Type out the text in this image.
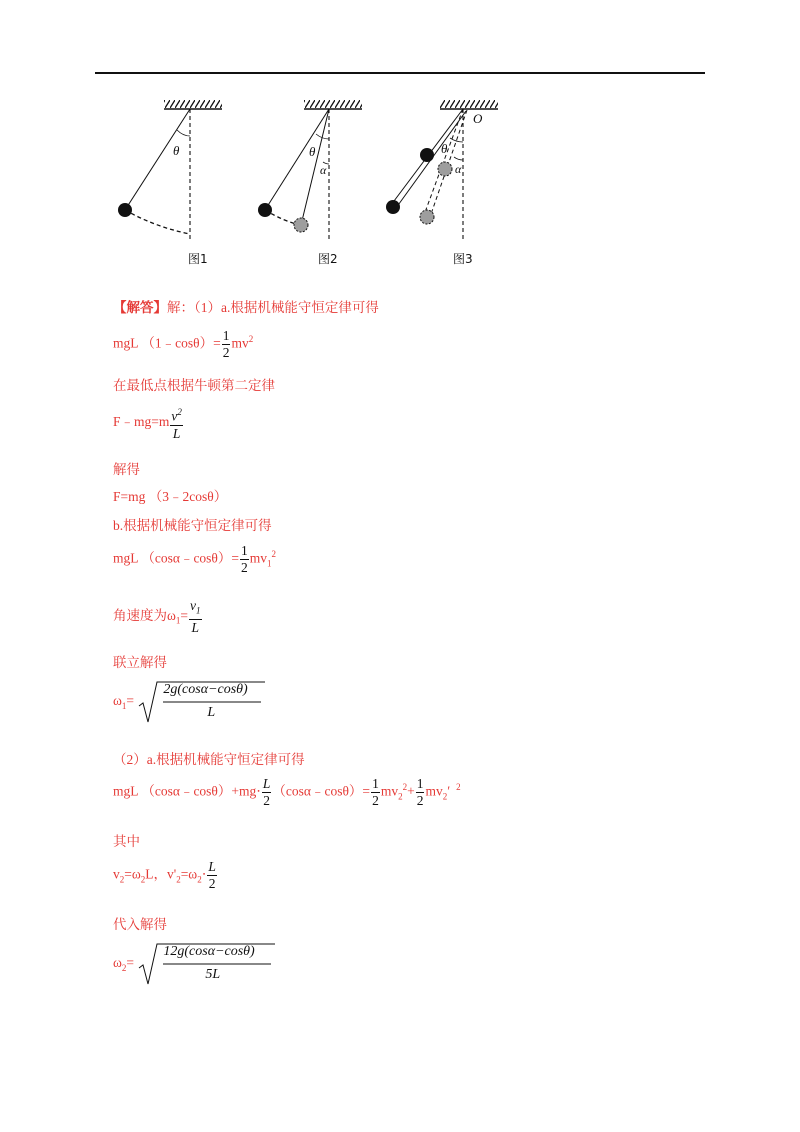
θ
图1
θ
α
图2
O
θ
α
图3
【解答】解：（1）a.根据机械能守恒定律可得
mgL （1﹣cosθ）= $\frac{1}{2} mv^2$
在最低点根据牛顿第二定律
F﹣mg=m $\frac{v^2}{L}$
解得
F=mg （3﹣2cosθ）
b.根据机械能守恒定律可得
mgL （cosα﹣cosθ）= $\frac{1}{2} mv_1^2$
角速度为$\omega_1= \frac{v_1}{L}$
联立解得
$\omega_1=$
2g(cosα−cosθ)
L
（2）a.根据机械能守恒定律可得
mgL （cosα﹣cosθ）+mg⋅ $\frac{L}{2}$ （cosα﹣cosθ）= $\frac{1}{2} mv_2^2+ \frac{1}{2} mv_2'$ $^2$
其中
$v_2=\omega_2L$，$v'_2=\omega_2\cdot \frac{L}{2}$
代入解得
$\omega_2=$
12g(cosα−cosθ)
5L
